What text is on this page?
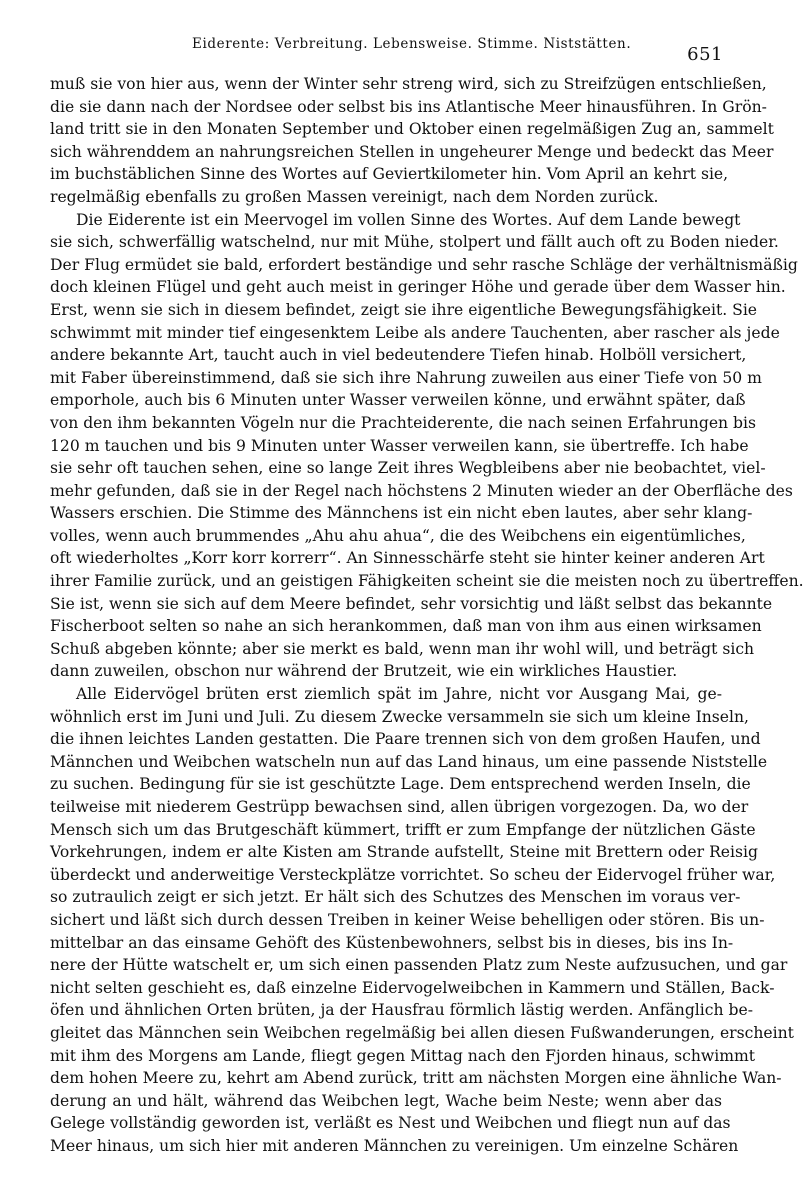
Eiderente: Verbreitung. Lebensweise. Stimme. Niststätten.	651
muß sie von hier aus, wenn der Winter sehr streng wird, sich zu Streifzügen entschließen,
die sie dann nach der Nordsee oder selbst bis ins Atlantische Meer hinausführen. In Grön-
land tritt sie in den Monaten September und Oktober einen regelmäßigen Zug an, sammelt
sich währenddem an nahrungsreichen Stellen in ungeheurer Menge und bedeckt das Meer
im buchstäblichen Sinne des Wortes auf Geviertkilometer hin. Vom April an kehrt sie,
regelmäßig ebenfalls zu großen Massen vereinigt, nach dem Norden zurück.
Die Eiderente ist ein Meervogel im vollen Sinne des Wortes. Auf dem Lande bewegt
sie sich, schwerfällig watschelnd, nur mit Mühe, stolpert und fällt auch oft zu Boden nieder.
Der Flug ermüdet sie bald, erfordert beständige und sehr rasche Schläge der verhältnismäßig
doch kleinen Flügel und geht auch meist in geringer Höhe und gerade über dem Wasser hin.
Erst, wenn sie sich in diesem befindet, zeigt sie ihre eigentliche Bewegungsfähigkeit. Sie
schwimmt mit minder tief eingesenktem Leibe als andere Tauchenten, aber rascher als jede
andere bekannte Art, taucht auch in viel bedeutendere Tiefen hinab. Holböll versichert,
mit Faber übereinstimmend, daß sie sich ihre Nahrung zuweilen aus einer Tiefe von 50 m
emporhole, auch bis 6 Minuten unter Wasser verweilen könne, und erwähnt später, daß
von den ihm bekannten Vögeln nur die Prachteiderente, die nach seinen Erfahrungen bis
120 m tauchen und bis 9 Minuten unter Wasser verweilen kann, sie übertreffe. Ich habe
sie sehr oft tauchen sehen, eine so lange Zeit ihres Wegbleibens aber nie beobachtet, viel-
mehr gefunden, daß sie in der Regel nach höchstens 2 Minuten wieder an der Oberfläche des
Wassers erschien. Die Stimme des Männchens ist ein nicht eben lautes, aber sehr klang-
volles, wenn auch brummendes „Ahu ahu ahua“, die des Weibchens ein eigentümliches,
oft wiederholtes „Korr korr korrerr“. An Sinnesschärfe steht sie hinter keiner anderen Art
ihrer Familie zurück, und an geistigen Fähigkeiten scheint sie die meisten noch zu übertreffen.
Sie ist, wenn sie sich auf dem Meere befindet, sehr vorsichtig und läßt selbst das bekannte
Fischerboot selten so nahe an sich herankommen, daß man von ihm aus einen wirksamen
Schuß abgeben könnte; aber sie merkt es bald, wenn man ihr wohl will, und beträgt sich
dann zuweilen, obschon nur während der Brutzeit, wie ein wirkliches Haustier.
Alle Eidervögel brüten erst ziemlich spät im Jahre, nicht vor Ausgang Mai, ge-
wöhnlich erst im Juni und Juli. Zu diesem Zwecke versammeln sie sich um kleine Inseln,
die ihnen leichtes Landen gestatten. Die Paare trennen sich von dem großen Haufen, und
Männchen und Weibchen watscheln nun auf das Land hinaus, um eine passende Niststelle
zu suchen. Bedingung für sie ist geschützte Lage. Dem entsprechend werden Inseln, die
teilweise mit niederem Gestrüpp bewachsen sind, allen übrigen vorgezogen. Da, wo der
Mensch sich um das Brutgeschäft kümmert, trifft er zum Empfange der nützlichen Gäste
Vorkehrungen, indem er alte Kisten am Strande aufstellt, Steine mit Brettern oder Reisig
überdeckt und anderweitige Versteckplätze vorrichtet. So scheu der Eidervogel früher war,
so zutraulich zeigt er sich jetzt. Er hält sich des Schutzes des Menschen im voraus ver-
sichert und läßt sich durch dessen Treiben in keiner Weise behelligen oder stören. Bis un-
mittelbar an das einsame Gehöft des Küstenbewohners, selbst bis in dieses, bis ins In-
nere der Hütte watschelt er, um sich einen passenden Platz zum Neste aufzusuchen, und gar
nicht selten geschieht es, daß einzelne Eidervogelweibchen in Kammern und Ställen, Back-
öfen und ähnlichen Orten brüten, ja der Hausfrau förmlich lästig werden. Anfänglich be-
gleitet das Männchen sein Weibchen regelmäßig bei allen diesen Fußwanderungen, erscheint
mit ihm des Morgens am Lande, fliegt gegen Mittag nach den Fjorden hinaus, schwimmt
dem hohen Meere zu, kehrt am Abend zurück, tritt am nächsten Morgen eine ähnliche Wan-
derung an und hält, während das Weibchen legt, Wache beim Neste; wenn aber das
Gelege vollständig geworden ist, verläßt es Nest und Weibchen und fliegt nun auf das
Meer hinaus, um sich hier mit anderen Männchen zu vereinigen. Um einzelne Schären
